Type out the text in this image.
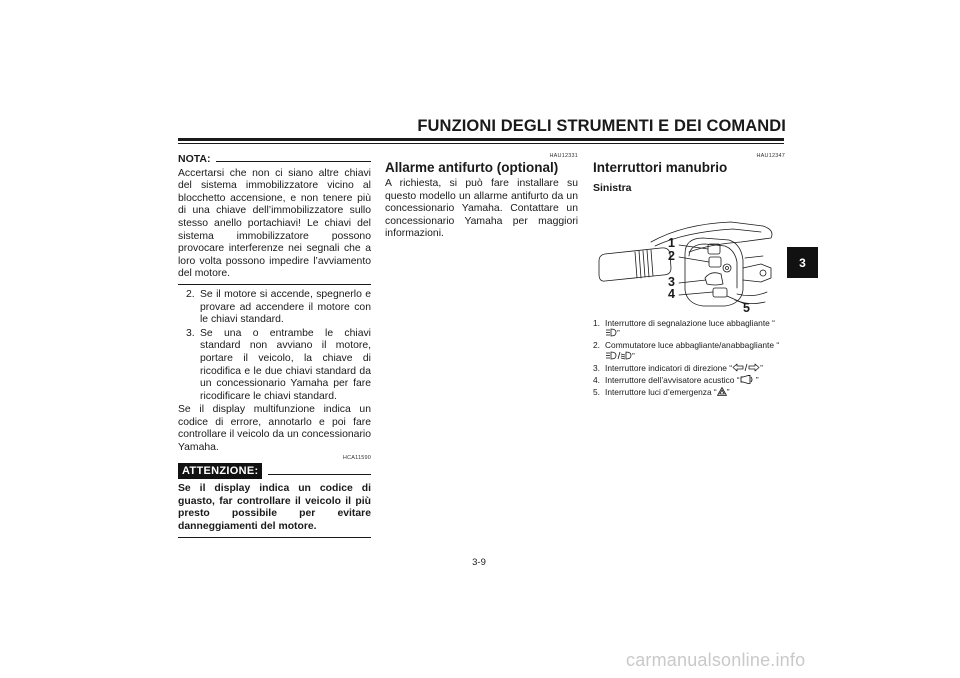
FUNZIONI DEGLI STRUMENTI E DEI COMANDI
3
NOTA:
Accertarsi che non ci siano altre chiavi del sistema immobilizzatore vicino al blocchetto accensione, e non tenere più di una chiave dell’immobilizzatore sullo stesso anello portachiavi! Le chiavi del sistema immobilizzatore possono provocare interferenze nei segnali che a loro volta possono impedire l’avviamento del motore.
2. Se il motore si accende, spegnerlo e provare ad accendere il motore con le chiavi standard.
3. Se una o entrambe le chiavi standard non avviano il motore, portare il veicolo, la chiave di ricodifica e le due chiavi standard da un concessionario Yamaha per fare ricodificare le chiavi standard.
Se il display multifunzione indica un codice di errore, annotarlo e poi fare controllare il veicolo da un concessionario Yamaha.
HCA11590
ATTENZIONE:
Se il display indica un codice di guasto, far controllare il veicolo il più presto possibile per evitare danneggiamenti del motore.
HAU12331
Allarme antifurto (optional)
A richiesta, si può fare installare su questo modello un allarme antifurto da un concessionario Yamaha. Contattare un concessionario Yamaha per maggiori informazioni.
HAU12347
Interruttori manubrio
Sinistra
1
2
3
4
5
1. Interruttore di segnalazione luce abbagliante “”
2. Commutatore luce abbagliante/anabbagliante “”
3. Interruttore indicatori di direzione “	”
4. Interruttore dell’avvisatore acustico “ ”
5. Interruttore luci d’emergenza “ ”
3-9
carmanualsonline.info
